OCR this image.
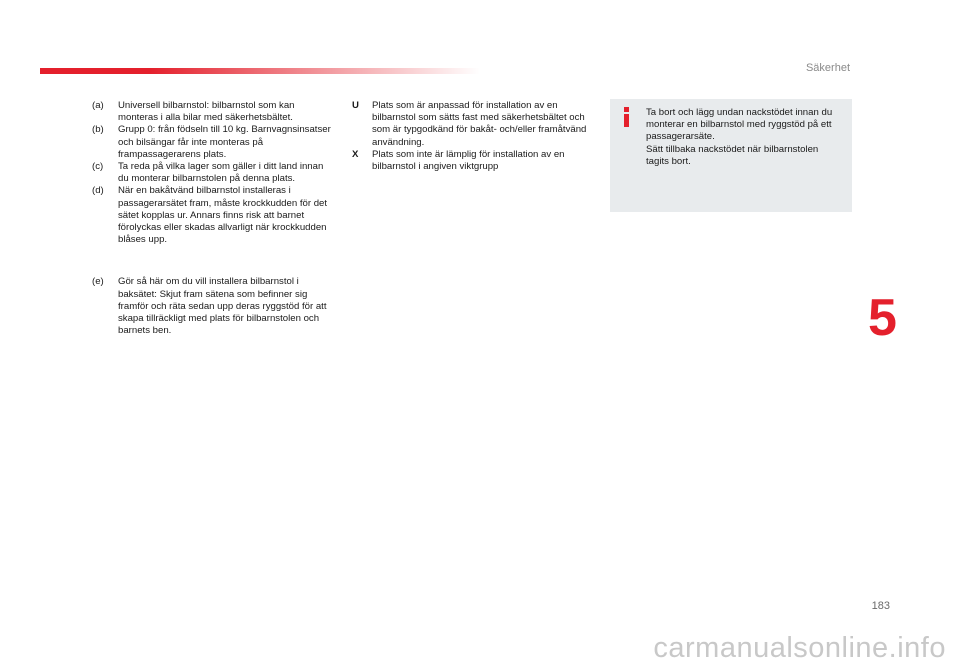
Säkerhet
(a)	Universell bilbarnstol: bilbarnstol som kan monteras i alla bilar med säkerhetsbältet.
(b)	Grupp 0: från födseln till 10 kg. Barnvagnsinsatser och bilsängar får inte monteras på frampassagerarens plats.
(c)	Ta reda på vilka lager som gäller i ditt land innan du monterar bilbarnstolen på denna plats.
(d)	När en bakåtvänd bilbarnstol installeras i passagerarsätet fram, måste krockkudden för det sätet kopplas ur. Annars finns risk att barnet förolyckas eller skadas allvarligt när krockkudden blåses upp.
(e)	Gör så här om du vill installera bilbarnstol i baksätet: Skjut fram sätena som befinner sig framför och räta sedan upp deras ryggstöd för att skapa tillräckligt med plats för bilbarnstolen och barnets ben.
U	Plats som är anpassad för installation av en bilbarnstol som sätts fast med säkerhetsbältet och som är typgodkänd för bakåt- och/eller framåtvänd användning.
X	Plats som inte är lämplig för installation av en bilbarnstol i angiven viktgrupp
Ta bort och lägg undan nackstödet innan du monterar en bilbarnstol med ryggstöd på ett passagerarsäte.
Sätt tillbaka nackstödet när bilbarnstolen tagits bort.
5
183
carmanualsonline.info
